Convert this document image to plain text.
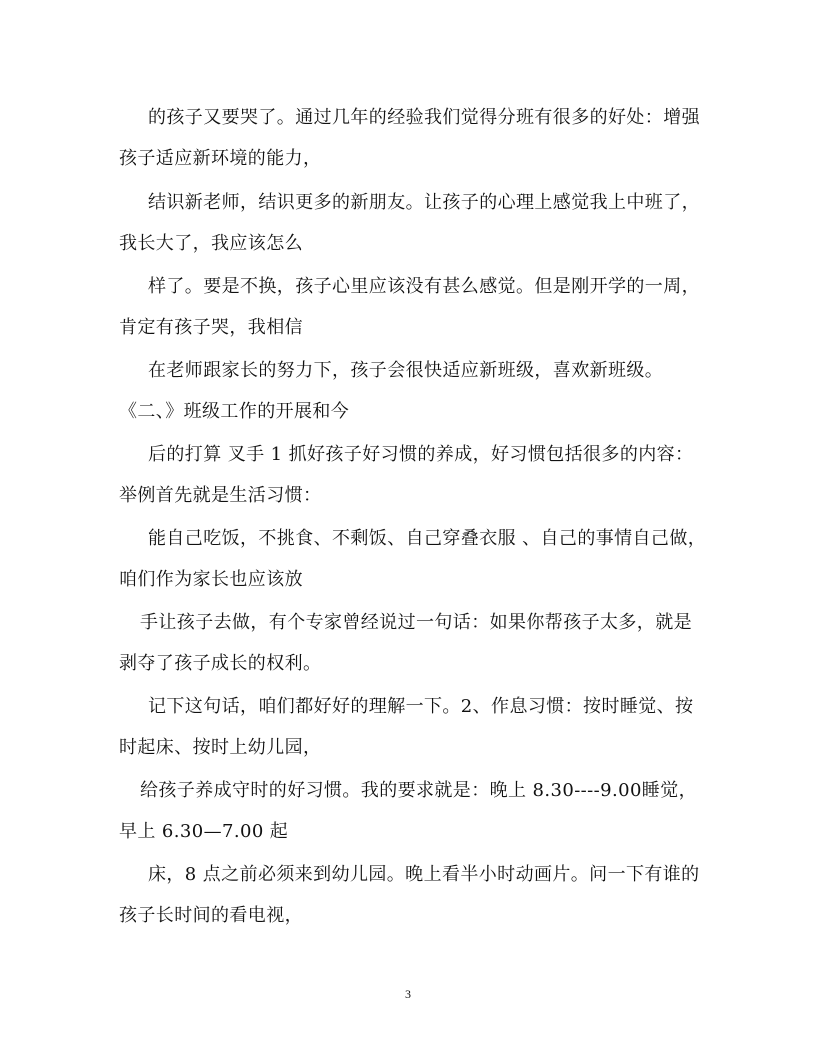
的孩子又要哭了。通过几年的经验我们觉得分班有很多的好处：增强
孩子适应新环境的能力，
结识新老师，结识更多的新朋友。让孩子的心理上感觉我上中班了，
我长大了，我应该怎么
样了。要是不换，孩子心里应该没有甚么感觉。但是刚开学的一周，
肯定有孩子哭，我相信
在老师跟家长的努力下，孩子会很快适应新班级，喜欢新班级。
《二、》班级工作的开展和今
后的打算 叉手 1 抓好孩子好习惯的养成，好习惯包括很多的内容：
举例首先就是生活习惯：
能自己吃饭，不挑食、不剩饭、自己穿叠衣服 、自己的事情自己做，
咱们作为家长也应该放
手让孩子去做，有个专家曾经说过一句话：如果你帮孩子太多，就是
剥夺了孩子成长的权利。
记下这句话，咱们都好好的理解一下。2、作息习惯：按时睡觉、按
时起床、按时上幼儿园，
给孩子养成守时的好习惯。我的要求就是：晚上 8.30----9.00睡觉，
早上 6.30—7.00 起
床，8 点之前必须来到幼儿园。晚上看半小时动画片。问一下有谁的
孩子长时间的看电视，
3
